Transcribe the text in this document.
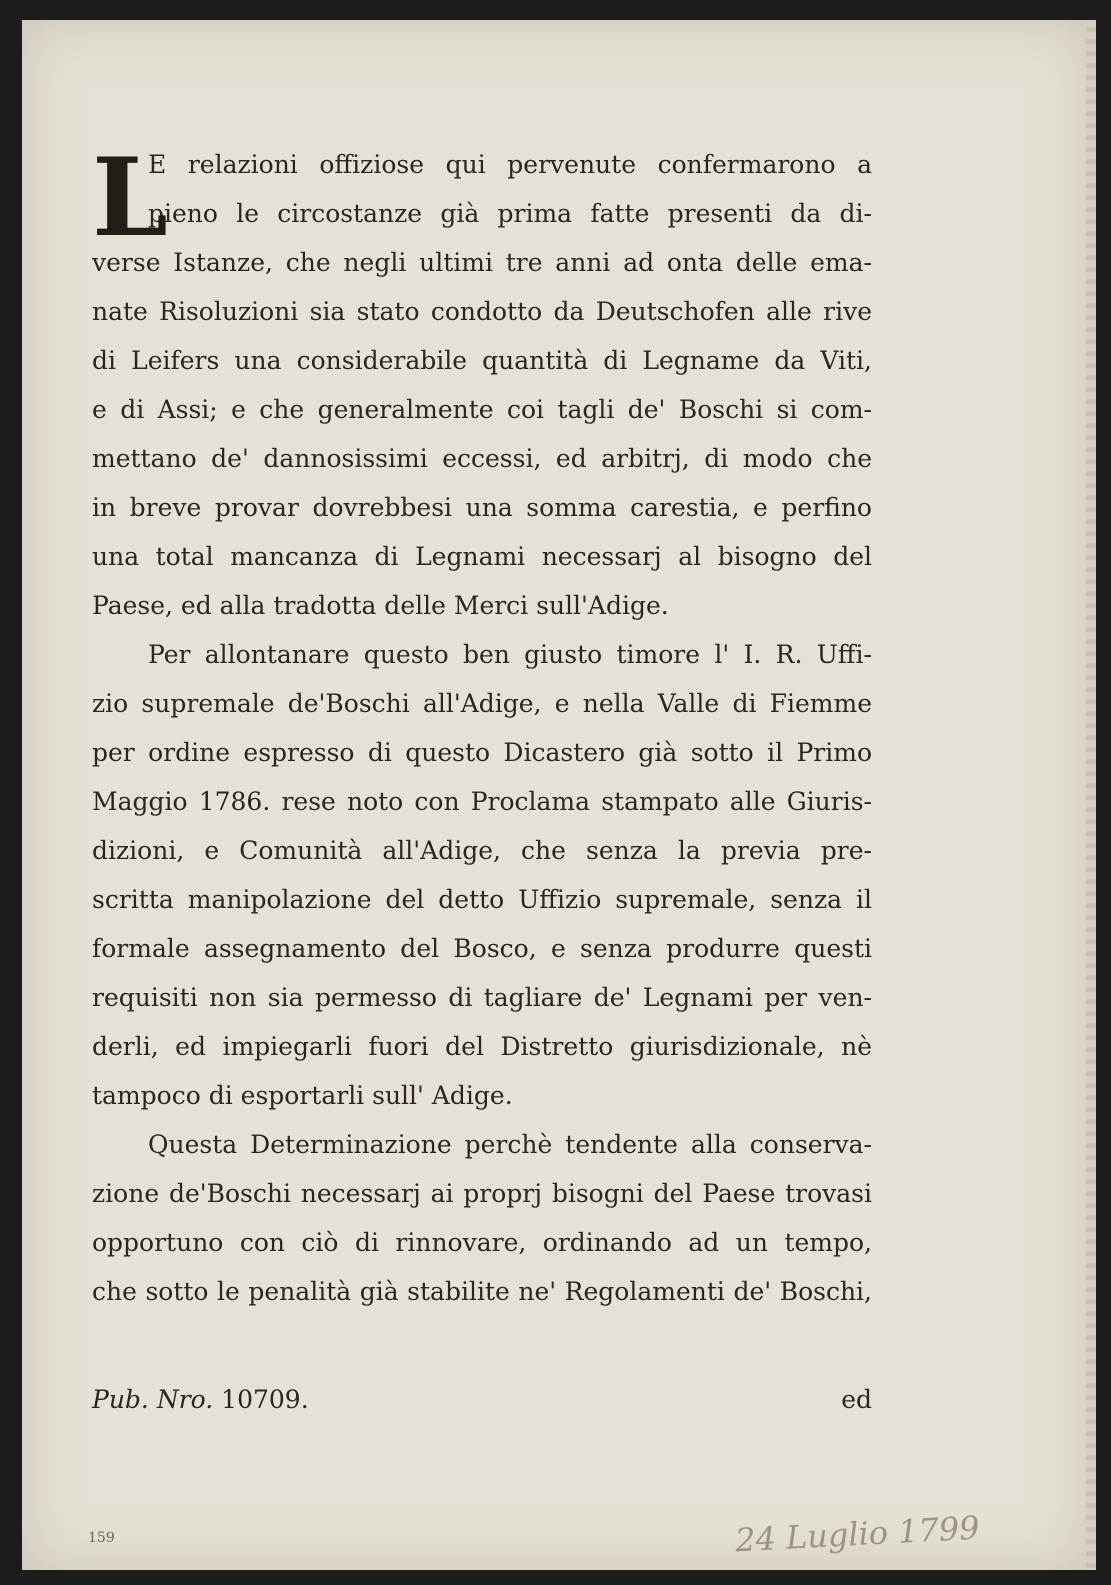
L
E relazioni offiziose qui pervenute confermarono a
pieno le circostanze già prima fatte presenti da di-
verse Istanze, che negli ultimi tre anni ad onta delle ema-
nate Risoluzioni sia stato condotto da Deutschofen alle rive
di Leifers una considerabile quantità di Legname da Viti,
e di Assi; e che generalmente coi tagli de' Boschi si com-
mettano de' dannosissimi eccessi, ed arbitrj, di modo che
in breve provar dovrebbesi una somma carestia, e perfino
una total mancanza di Legnami necessarj al bisogno del
Paese, ed alla tradotta delle Merci sull'Adige.
Per allontanare questo ben giusto timore l' I. R. Uffi-
zio supremale de'Boschi all'Adige, e nella Valle di Fiemme
per ordine espresso di questo Dicastero già sotto il Primo
Maggio 1786. rese noto con Proclama stampato alle Giuris-
dizioni, e Comunità all'Adige, che senza la previa pre-
scritta manipolazione del detto Uffizio supremale, senza il
formale assegnamento del Bosco, e senza produrre questi
requisiti non sia permesso di tagliare de' Legnami per ven-
derli, ed impiegarli fuori del Distretto giurisdizionale, nè
tampoco di esportarli sull' Adige.
Questa Determinazione perchè tendente alla conserva-
zione de'Boschi necessarj ai proprj bisogni del Paese trovasi
opportuno con ciò di rinnovare, ordinando ad un tempo,
che sotto le penalità già stabilite ne' Regolamenti de' Boschi,
Pub. Nro. 10709.	ed
159	24 Luglio 1799
